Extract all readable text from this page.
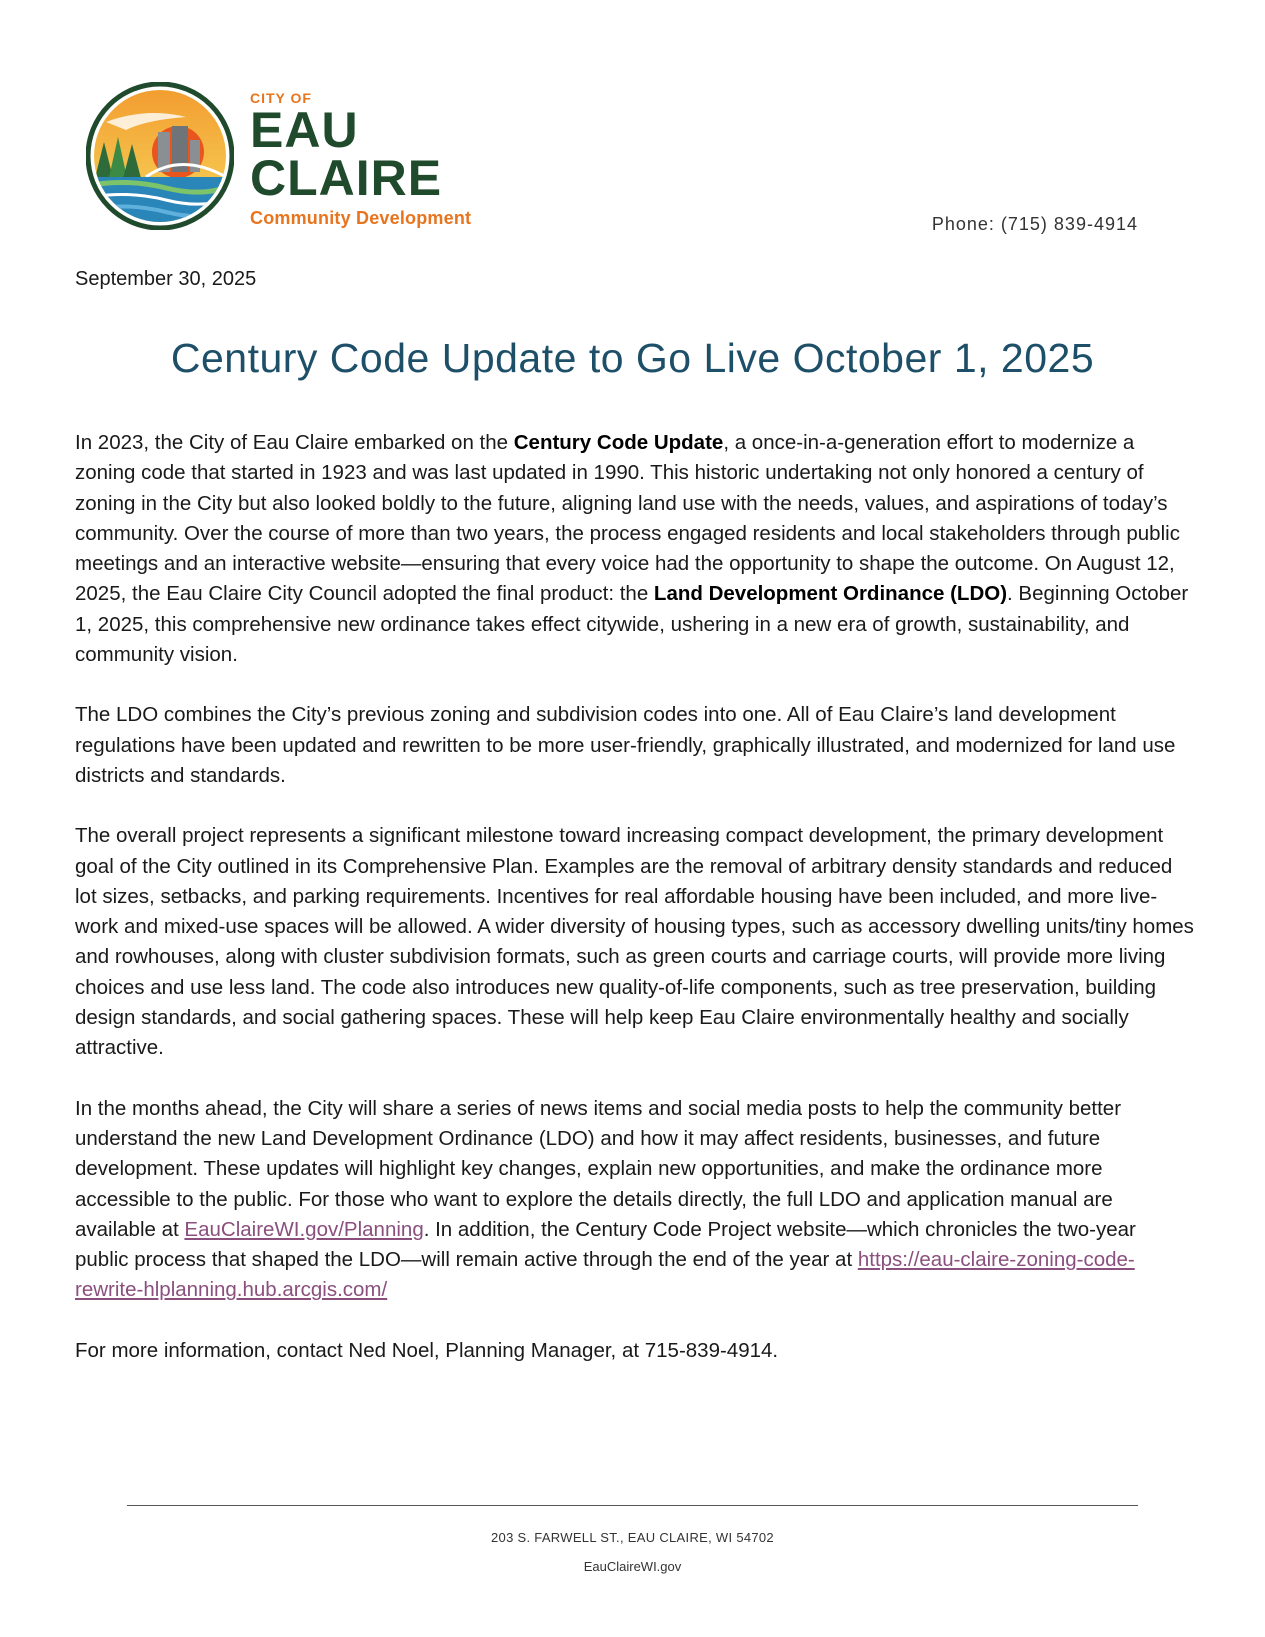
CITY OF
EAU
CLAIRE
Community Development	Phone: (715) 839-4914
September 30, 2025
Century Code Update to Go Live October 1, 2025

In 2023, the City of Eau Claire embarked on the Century Code Update, a once-in-a-generation effort to modernize a zoning code that started in 1923 and was last updated in 1990. This historic undertaking not only honored a century of zoning in the City but also looked boldly to the future, aligning land use with the needs, values, and aspirations of today’s community. Over the course of more than two years, the process engaged residents and local stakeholders through public meetings and an interactive website—ensuring that every voice had the opportunity to shape the outcome. On August 12, 2025, the Eau Claire City Council adopted the final product: the Land Development Ordinance (LDO). Beginning October 1, 2025, this comprehensive new ordinance takes effect citywide, ushering in a new era of growth, sustainability, and community vision.

The LDO combines the City’s previous zoning and subdivision codes into one. All of Eau Claire’s land development regulations have been updated and rewritten to be more user-friendly, graphically illustrated, and modernized for land use districts and standards.

The overall project represents a significant milestone toward increasing compact development, the primary development goal of the City outlined in its Comprehensive Plan. Examples are the removal of arbitrary density standards and reduced lot sizes, setbacks, and parking requirements. Incentives for real affordable housing have been included, and more live-work and mixed-use spaces will be allowed. A wider diversity of housing types, such as accessory dwelling units/tiny homes and rowhouses, along with cluster subdivision formats, such as green courts and carriage courts, will provide more living choices and use less land. The code also introduces new quality-of-life components, such as tree preservation, building design standards, and social gathering spaces. These will help keep Eau Claire environmentally healthy and socially attractive.

In the months ahead, the City will share a series of news items and social media posts to help the community better understand the new Land Development Ordinance (LDO) and how it may affect residents, businesses, and future development. These updates will highlight key changes, explain new opportunities, and make the ordinance more accessible to the public. For those who want to explore the details directly, the full LDO and application manual are available at EauClaireWI.gov/Planning. In addition, the Century Code Project website—which chronicles the two-year public process that shaped the LDO—will remain active through the end of the year at https://eau-claire-zoning-code-rewrite-hlplanning.hub.arcgis.com/

For more information, contact Ned Noel, Planning Manager, at 715-839-4914.

203 S. FARWELL ST., EAU CLAIRE, WI 54702
EauClaireWI.gov
